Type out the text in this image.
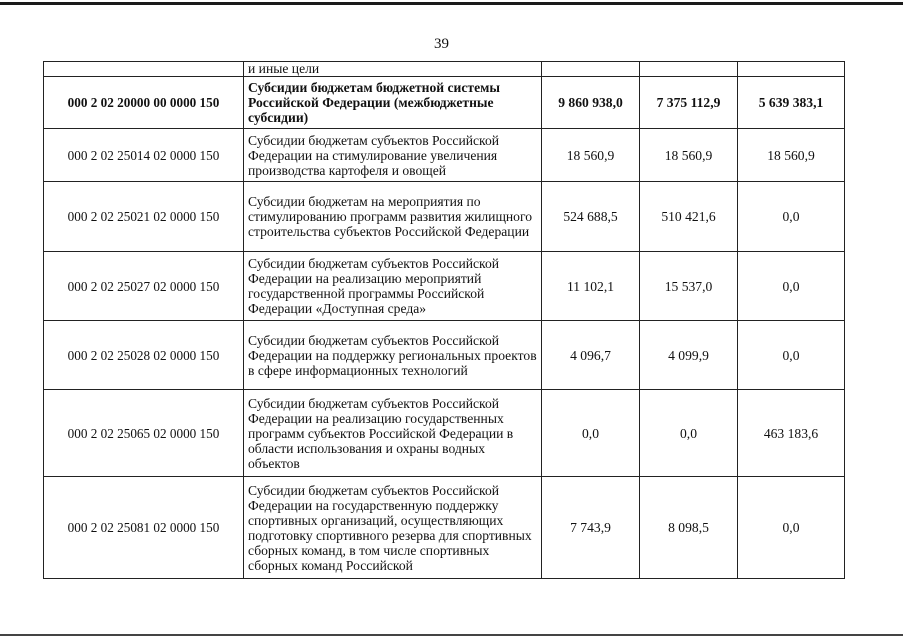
39
	и иные цели			
000 2 02 20000 00 0000 150	Субсидии бюджетам бюджетной системы Российской Федерации (межбюджетные субсидии)	9 860 938,0	7 375 112,9	5 639 383,1
000 2 02 25014 02 0000 150	Субсидии бюджетам субъектов Российской Федерации на стимулирование увеличения производства картофеля и овощей	18 560,9	18 560,9	18 560,9
000 2 02 25021 02 0000 150	Субсидии бюджетам на мероприятия по стимулированию программ развития жилищного строительства субъектов Российской Федерации	524 688,5	510 421,6	0,0
000 2 02 25027 02 0000 150	Субсидии бюджетам субъектов Российской Федерации на реализацию мероприятий государственной программы Российской Федерации «Доступная среда»	11 102,1	15 537,0	0,0
000 2 02 25028 02 0000 150	Субсидии бюджетам субъектов Российской Федерации на поддержку региональных проектов в сфере информационных технологий	4 096,7	4 099,9	0,0
000 2 02 25065 02 0000 150	Субсидии бюджетам субъектов Российской Федерации на реализацию государственных программ субъектов Российской Федерации в области использования и охраны водных объектов	0,0	0,0	463 183,6
000 2 02 25081 02 0000 150	Субсидии бюджетам субъектов Российской Федерации на государственную поддержку спортивных организаций, осуществляющих подготовку спортивного резерва для спортивных сборных команд, в том числе спортивных сборных команд Российской	7 743,9	8 098,5	0,0
